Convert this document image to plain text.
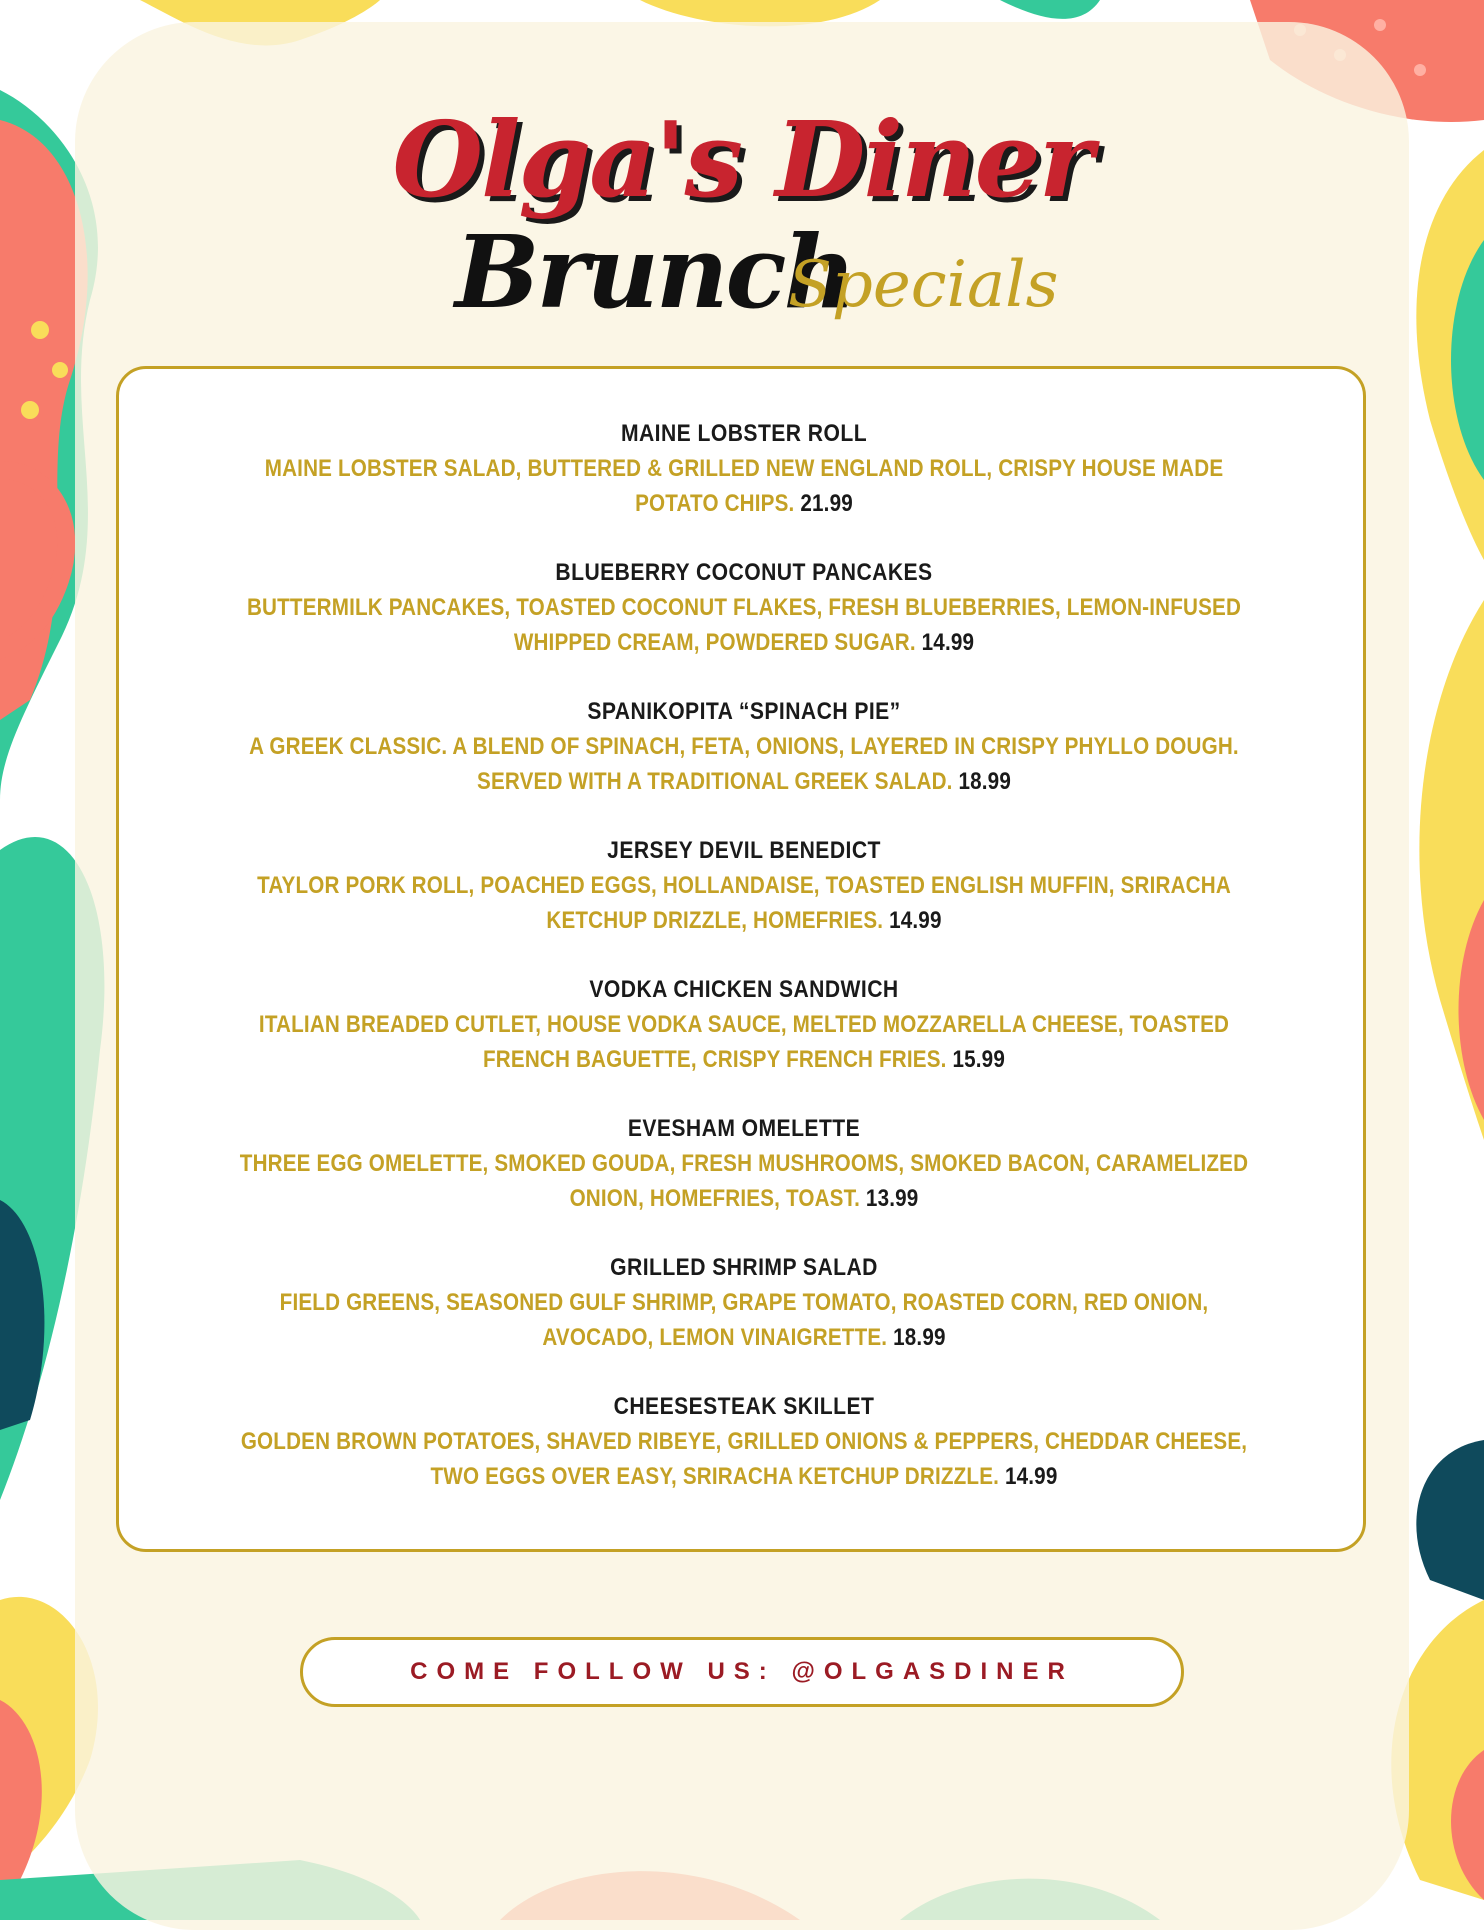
Olga's Diner
Brunch
Specials
MAINE LOBSTER ROLL
MAINE LOBSTER SALAD, BUTTERED & GRILLED NEW ENGLAND ROLL, CRISPY HOUSE MADE
POTATO CHIPS. 21.99
BLUEBERRY COCONUT PANCAKES
BUTTERMILK PANCAKES, TOASTED COCONUT FLAKES, FRESH BLUEBERRIES, LEMON-INFUSED
WHIPPED CREAM, POWDERED SUGAR. 14.99
SPANIKOPITA “SPINACH PIE”
A GREEK CLASSIC. A BLEND OF SPINACH, FETA, ONIONS, LAYERED IN CRISPY PHYLLO DOUGH.
SERVED WITH A TRADITIONAL GREEK SALAD. 18.99
JERSEY DEVIL BENEDICT
TAYLOR PORK ROLL, POACHED EGGS, HOLLANDAISE, TOASTED ENGLISH MUFFIN, SRIRACHA
KETCHUP DRIZZLE, HOMEFRIES. 14.99
VODKA CHICKEN SANDWICH
ITALIAN BREADED CUTLET, HOUSE VODKA SAUCE, MELTED MOZZARELLA CHEESE, TOASTED
FRENCH BAGUETTE, CRISPY FRENCH FRIES. 15.99
EVESHAM OMELETTE
THREE EGG OMELETTE, SMOKED GOUDA, FRESH MUSHROOMS, SMOKED BACON, CARAMELIZED
ONION, HOMEFRIES, TOAST. 13.99
GRILLED SHRIMP SALAD
FIELD GREENS, SEASONED GULF SHRIMP, GRAPE TOMATO, ROASTED CORN, RED ONION,
AVOCADO, LEMON VINAIGRETTE. 18.99
CHEESESTEAK SKILLET
GOLDEN BROWN POTATOES, SHAVED RIBEYE, GRILLED ONIONS & PEPPERS, CHEDDAR CHEESE,
TWO EGGS OVER EASY, SRIRACHA KETCHUP DRIZZLE. 14.99
COME FOLLOW US: @OLGASDINER
